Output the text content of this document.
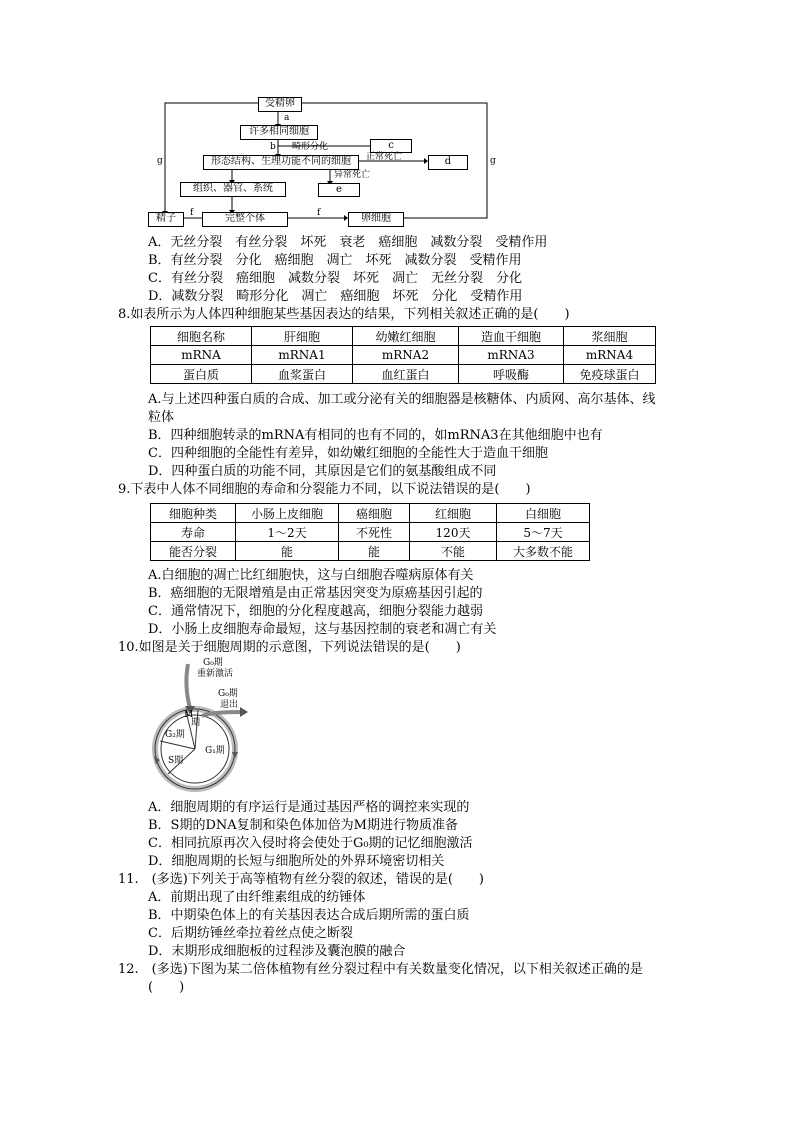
受精卵
a
许多相同细胞
b 畸形分化	c
形态结构、生理功能不同的细胞	正常死亡	d
异常死亡
组织、器官、系统	e
g	g
精子	f	完整个体	f	卵细胞
A．无丝分裂　有丝分裂　坏死　衰老　癌细胞　减数分裂　受精作用
B．有丝分裂　分化　癌细胞　凋亡　坏死　减数分裂　受精作用
C．有丝分裂　癌细胞　减数分裂　坏死　凋亡　无丝分裂　分化
D．减数分裂　畸形分化　凋亡　癌细胞　坏死　分化　受精作用
8.如表所示为人体四种细胞某些基因表达的结果，下列相关叙述正确的是(　　)
细胞名称	肝细胞	幼嫩红细胞	造血干细胞	浆细胞
mRNA	mRNA1	mRNA2	mRNA3	mRNA4
蛋白质	血浆蛋白	血红蛋白	呼吸酶	免疫球蛋白
A.与上述四种蛋白质的合成、加工或分泌有关的细胞器是核糖体、内质网、高尔基体、线
粒体
B．四种细胞转录的mRNA有相同的也有不同的，如mRNA3在其他细胞中也有
C．四种细胞的全能性有差异，如幼嫩红细胞的全能性大于造血干细胞
D．四种蛋白质的功能不同，其原因是它们的氨基酸组成不同
9.下表中人体不同细胞的寿命和分裂能力不同，以下说法错误的是(　　)
细胞种类	小肠上皮细胞	癌细胞	红细胞	白细胞
寿命	1～2天	不死性	120天	5～7天
能否分裂	能	能	不能	大多数不能
A.白细胞的凋亡比红细胞快，这与白细胞吞噬病原体有关
B．癌细胞的无限增殖是由正常基因突变为原癌基因引起的
C．通常情况下，细胞的分化程度越高，细胞分裂能力越弱
D．小肠上皮细胞寿命最短，这与基因控制的衰老和凋亡有关
10.如图是关于细胞周期的示意图，下列说法错误的是(　　)
G₀期
重新激活
G₀期
退出
M
期
G₂期
G₁期
S期
A．细胞周期的有序运行是通过基因严格的调控来实现的
B．S期的DNA复制和染色体加倍为M期进行物质准备
C．相同抗原再次入侵时将会使处于G₀期的记忆细胞激活
D．细胞周期的长短与细胞所处的外界环境密切相关
11.　(多选)下列关于高等植物有丝分裂的叙述，错误的是(　　)
A．前期出现了由纤维素组成的纺锤体
B．中期染色体上的有关基因表达合成后期所需的蛋白质
C．后期纺锤丝牵拉着丝点使之断裂
D．末期形成细胞板的过程涉及囊泡膜的融合
12.　(多选)下图为某二倍体植物有丝分裂过程中有关数量变化情况，以下相关叙述正确的是
(　　)
